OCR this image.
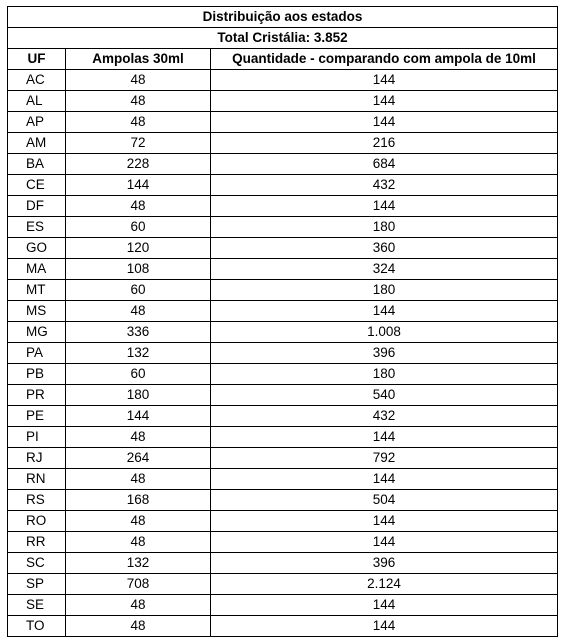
Distribuição aos estados		
Total Cristália: 3.852		
UF	Ampolas 30ml	Quantidade - comparando com ampola de 10ml
AC	48	144
AL	48	144
AP	48	144
AM	72	216
BA	228	684
CE	144	432
DF	48	144
ES	60	180
GO	120	360
MA	108	324
MT	60	180
MS	48	144
MG	336	1.008
PA	132	396
PB	60	180
PR	180	540
PE	144	432
PI	48	144
RJ	264	792
RN	48	144
RS	168	504
RO	48	144
RR	48	144
SC	132	396
SP	708	2.124
SE	48	144
TO	48	144
